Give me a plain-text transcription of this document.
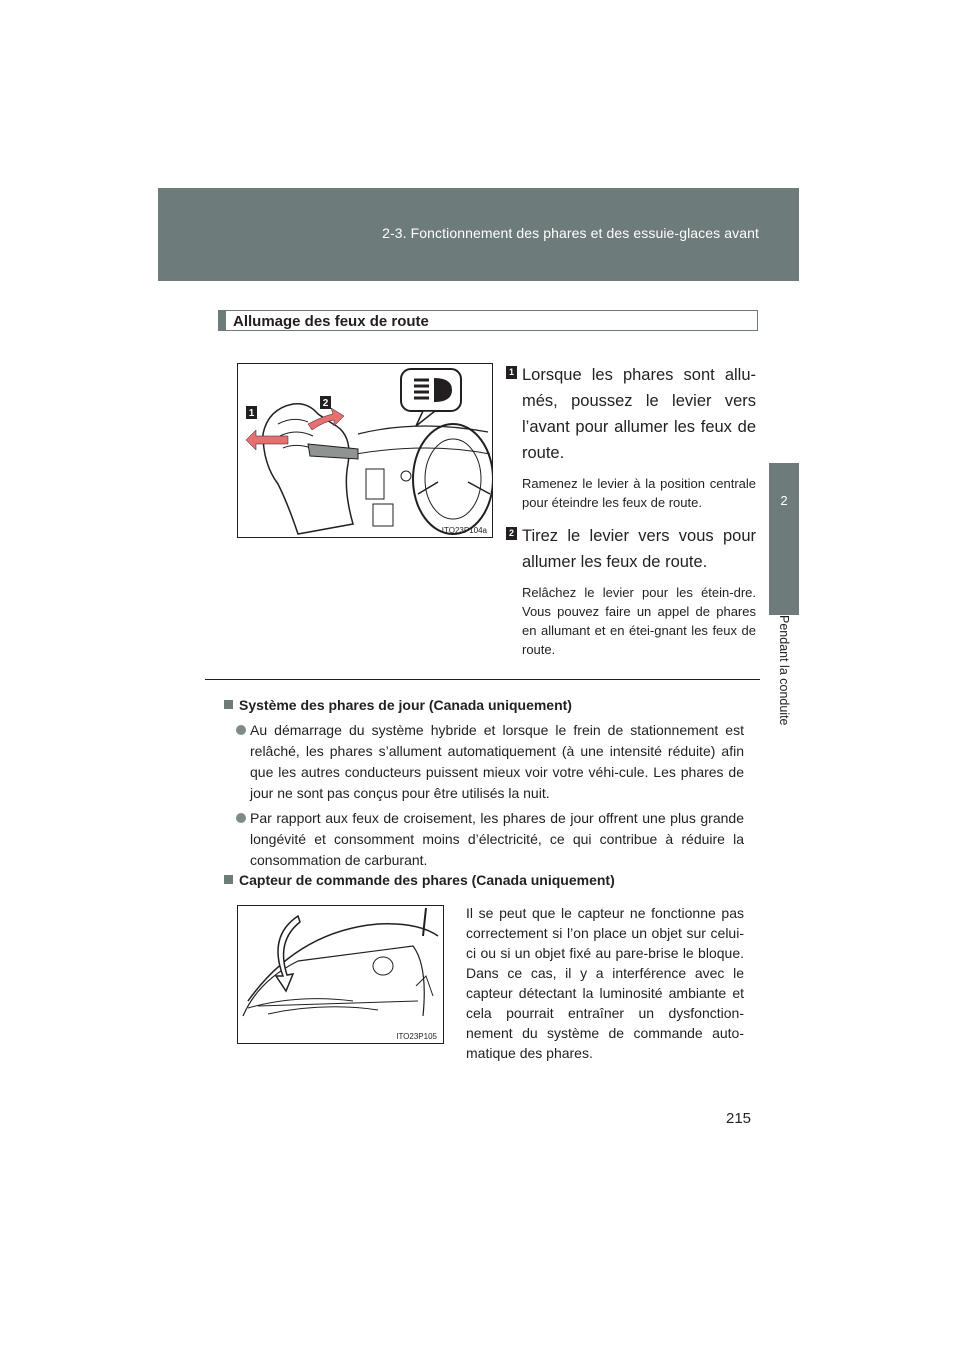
2-3. Fonctionnement des phares et des essuie-glaces avant
2
Pendant la conduite
Allumage des feux de route
1
2
ITO23P104a
1 Lorsque les phares sont allu-més, poussez le levier vers l’avant pour allumer les feux de route.
Ramenez le levier à la position centrale pour éteindre les feux de route.
2 Tirez le levier vers vous pour allumer les feux de route.
Relâchez le levier pour les étein-dre. Vous pouvez faire un appel de phares en allumant et en étei-gnant les feux de route.
Système des phares de jour (Canada uniquement)
Au démarrage du système hybride et lorsque le frein de stationnement est relâché, les phares s’allument automatiquement (à une intensité réduite) afin que les autres conducteurs puissent mieux voir votre véhi-cule. Les phares de jour ne sont pas conçus pour être utilisés la nuit.
Par rapport aux feux de croisement, les phares de jour offrent une plus grande longévité et consomment moins d’électricité, ce qui contribue à réduire la consommation de carburant.
Capteur de commande des phares (Canada uniquement)
ITO23P105
Il se peut que le capteur ne fonctionne pas correctement si l’on place un objet sur celui-ci ou si un objet fixé au pare-brise le bloque. Dans ce cas, il y a interférence avec le capteur détectant la luminosité ambiante et cela pourrait entraîner un dysfonction-nement du système de commande auto-matique des phares.
215
